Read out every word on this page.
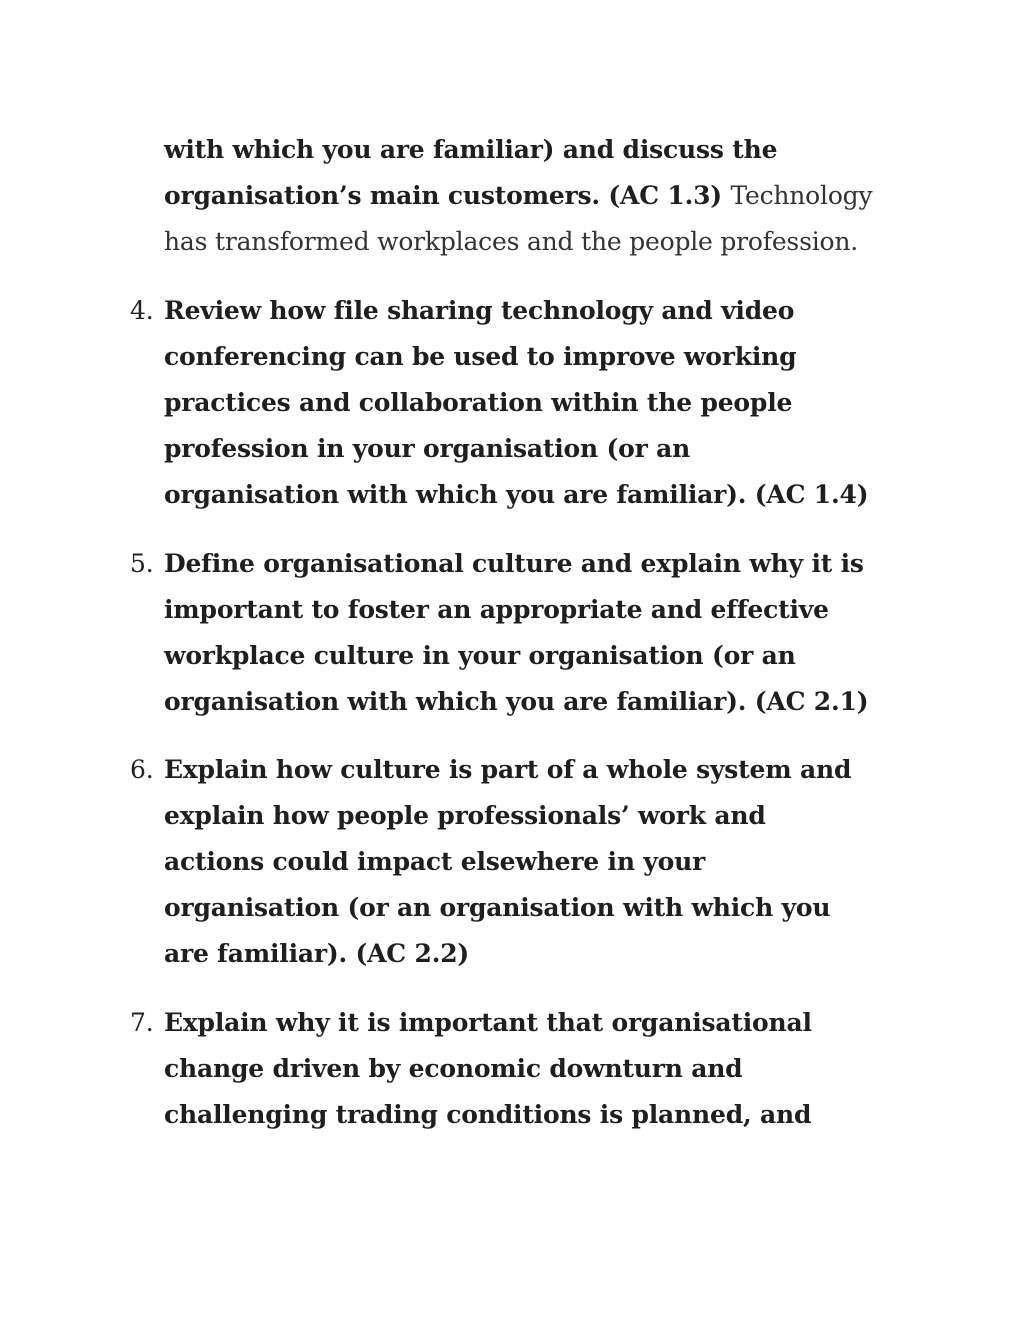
with which you are familiar) and discuss the
organisation’s main customers. (AC 1.3) Technology
has transformed workplaces and the people profession.
4. Review how file sharing technology and video
conferencing can be used to improve working
practices and collaboration within the people
profession in your organisation (or an
organisation with which you are familiar). (AC 1.4)
5. Define organisational culture and explain why it is
important to foster an appropriate and effective
workplace culture in your organisation (or an
organisation with which you are familiar). (AC 2.1)
6. Explain how culture is part of a whole system and
explain how people professionals’ work and
actions could impact elsewhere in your
organisation (or an organisation with which you
are familiar). (AC 2.2)
7. Explain why it is important that organisational
change driven by economic downturn and
challenging trading conditions is planned, and
